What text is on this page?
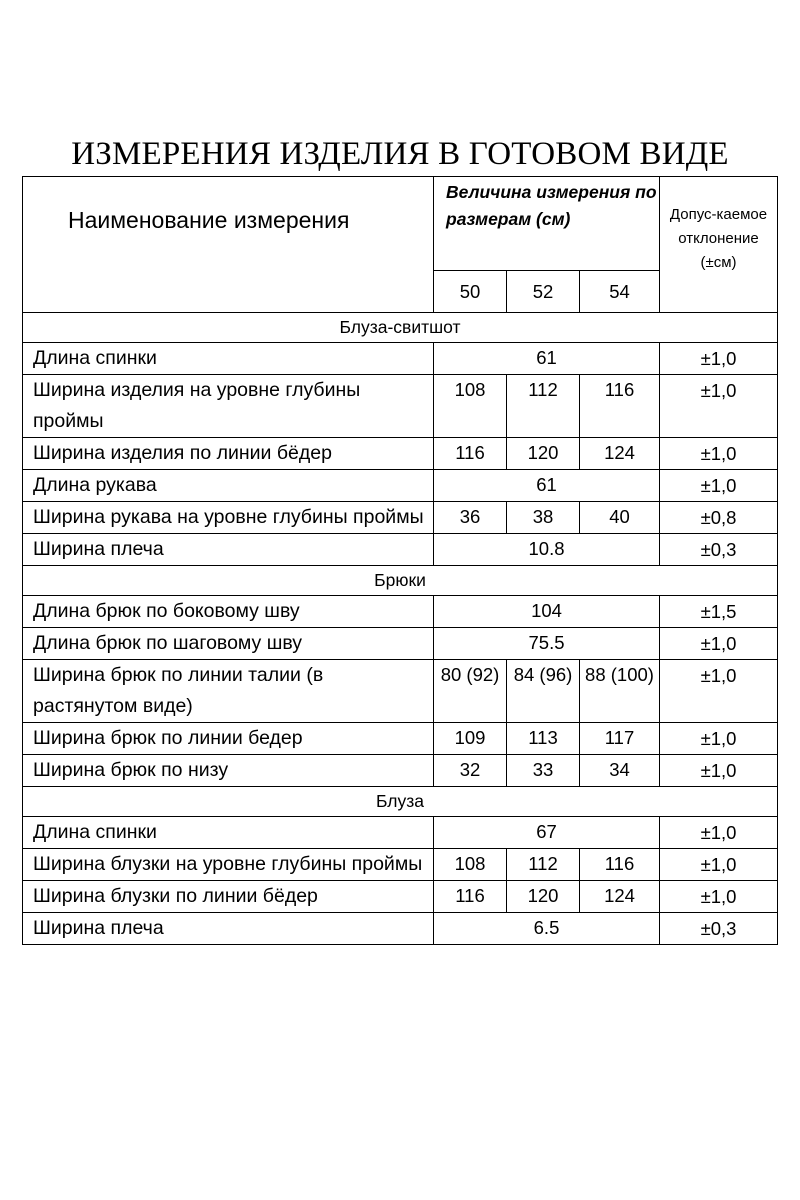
ИЗМЕРЕНИЯ ИЗДЕЛИЯ В ГОТОВОМ ВИДЕ
Наименование измерения	Величина измерения по размерам (см)			Допус-каемое отклонение (±см)
	50	52	54	
Блуза-свитшот				
Длина спинки	61			±1,0
Ширина изделия на уровне глубины проймы	108	112	116	±1,0
Ширина изделия по линии бёдер	116	120	124	±1,0
Длина рукава	61			±1,0
Ширина рукава на уровне глубины проймы	36	38	40	±0,8
Ширина плеча	10.8			±0,3
Брюки				
Длина брюк по боковому шву	104			±1,5
Длина брюк по шаговому шву	75.5			±1,0
Ширина брюк по линии талии (в растянутом виде)	80 (92)	84 (96)	88 (100)	±1,0
Ширина брюк по линии бедер	109	113	117	±1,0
Ширина брюк по низу	32	33	34	±1,0
Блуза				
Длина спинки	67			±1,0
Ширина блузки на уровне глубины проймы	108	112	116	±1,0
Ширина блузки по линии бёдер	116	120	124	±1,0
Ширина плеча	6.5			±0,3
